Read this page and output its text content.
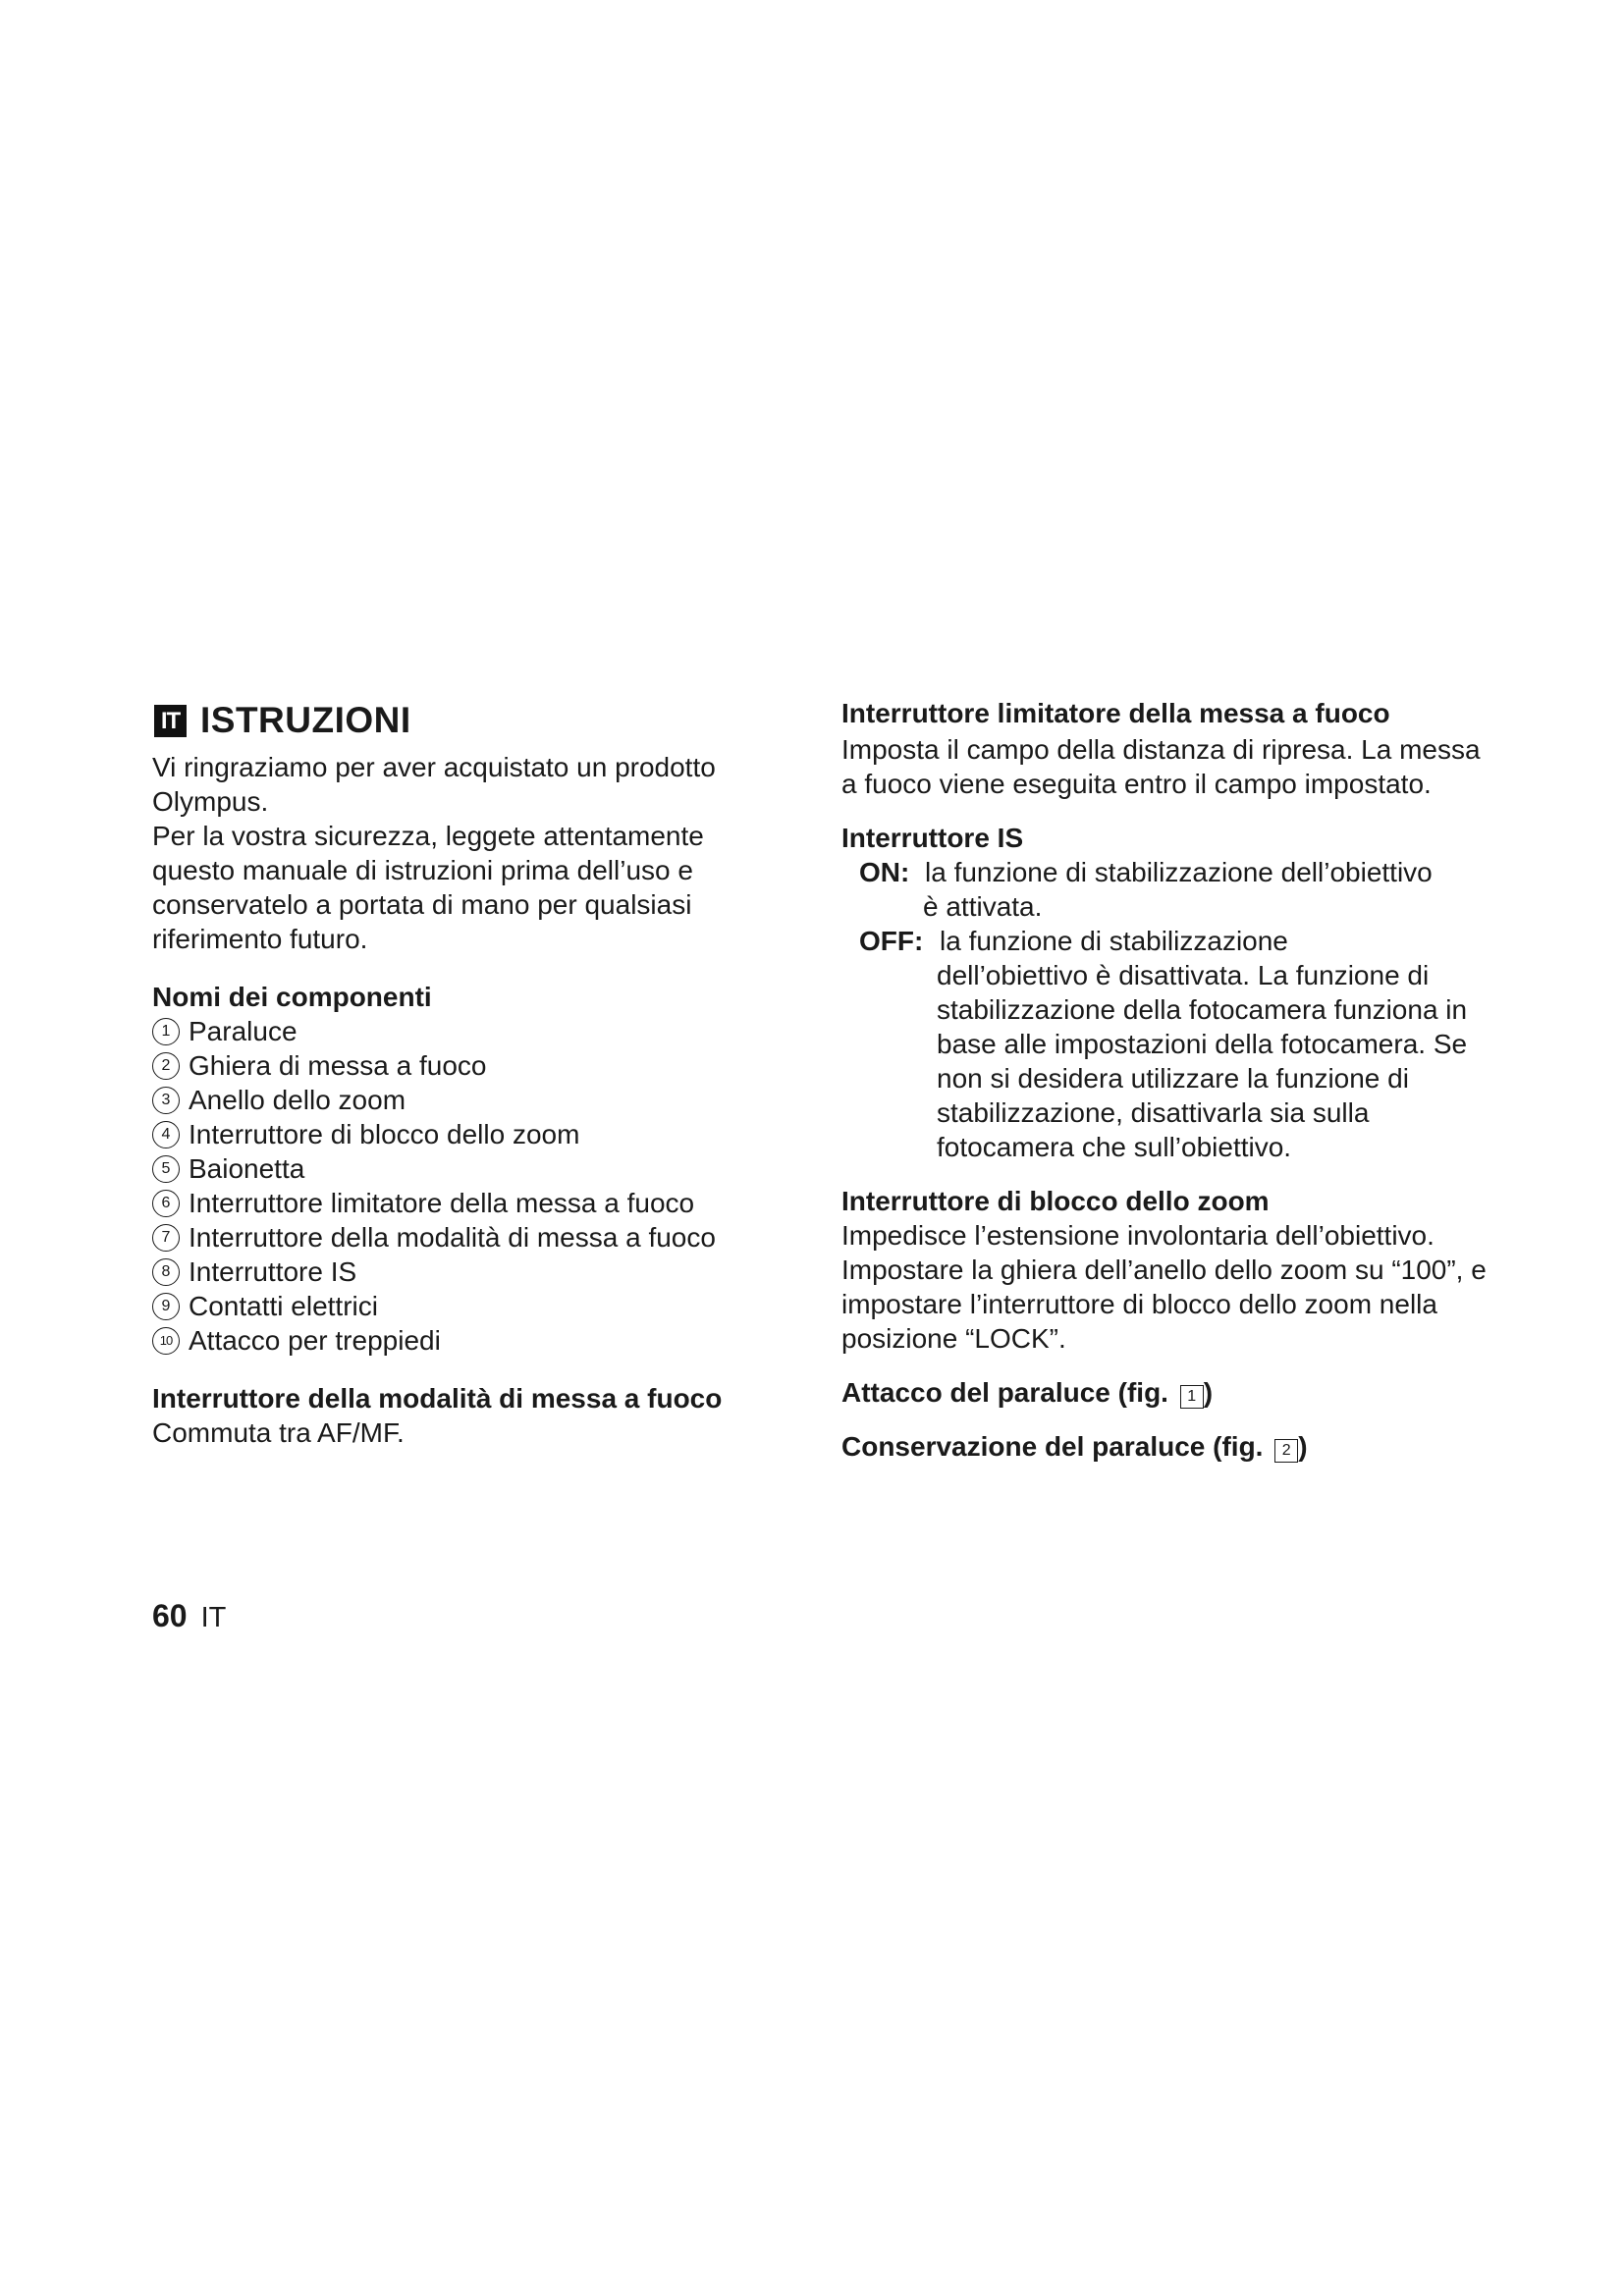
IT ISTRUZIONI

Vi ringraziamo per aver acquistato un prodotto Olympus.

Per la vostra sicurezza, leggete attentamente questo manuale di istruzioni prima dell’uso e conservatelo a portata di mano per qualsiasi riferimento futuro.

Nomi dei componenti

1 Paraluce
2 Ghiera di messa a fuoco
3 Anello dello zoom
4 Interruttore di blocco dello zoom
5 Baionetta
6 Interruttore limitatore della messa a fuoco
7 Interruttore della modalità di messa a fuoco
8 Interruttore IS
9 Contatti elettrici
10 Attacco per treppiedi

Interruttore della modalità di messa a fuoco

Commuta tra AF/MF.

Interruttore limitatore della messa a fuoco

Imposta il campo della distanza di ripresa. La messa a fuoco viene eseguita entro il campo impostato.

Interruttore IS

ON: la funzione di stabilizzazione dell’obiettivo

è attivata.

OFF: la funzione di stabilizzazione

dell’obiettivo è disattivata. La funzione di stabilizzazione della fotocamera funziona in base alle impostazioni della fotocamera. Se non si desidera utilizzare la funzione di stabilizzazione, disattivarla sia sulla fotocamera che sull’obiettivo.

Interruttore di blocco dello zoom

Impedisce l’estensione involontaria dell’obiettivo. Impostare la ghiera dell’anello dello zoom su “100”, e impostare l’interruttore di blocco dello zoom nella posizione “LOCK”.

Attacco del paraluce (fig. 1 )

Conservazione del paraluce (fig. 2 )

60 IT
